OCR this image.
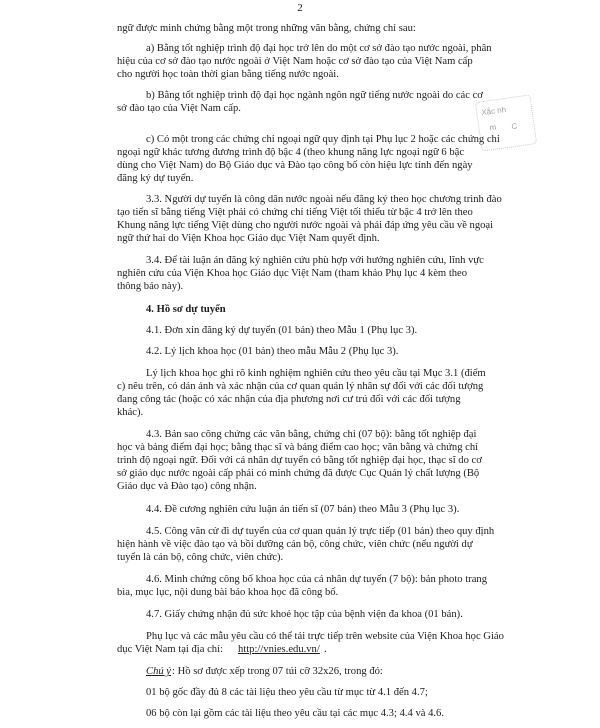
2
Xắc nh
m C
ngữ được minh chứng bằng một trong những văn bằng, chứng chỉ sau:
a) Bằng tốt nghiệp trình độ đại học trở lên do một cơ sở đào tạo nước ngoài, phân
hiệu của cơ sở đào tạo nước ngoài ở Việt Nam hoặc cơ sở đào tạo của Việt Nam cấp
cho người học toàn thời gian bằng tiếng nước ngoài.
b) Bằng tốt nghiệp trình độ đại học ngành ngôn ngữ tiếng nước ngoài do các cơ
sở đào tạo của Việt Nam cấp.
c) Có một trong các chứng chỉ ngoại ngữ quy định tại Phụ lục 2 hoặc các chứng chỉ
ngoại ngữ khác tương đương trình độ bậc 4 (theo khung năng lực ngoại ngữ 6 bậc
dùng cho Việt Nam) do Bộ Giáo dục và Đào tạo công bố còn hiệu lực tính đến ngày
đăng ký dự tuyển.
3.3. Người dự tuyển là công dân nước ngoài nếu đăng ký theo học chương trình đào
tạo tiến sĩ bằng tiếng Việt phải có chứng chỉ tiếng Việt tối thiểu từ bậc 4 trở lên theo
Khung năng lực tiếng Việt dùng cho người nước ngoài và phải đáp ứng yêu cầu về ngoại
ngữ thứ hai do Viện Khoa học Giáo dục Việt Nam quyết định.
3.4. Để tài luận án đăng ký nghiên cứu phù hợp với hướng nghiên cứu, lĩnh vực
nghiên cứu của Viện Khoa học Giáo dục Việt Nam (tham khảo Phụ lục 4 kèm theo
thông báo này).
4. Hồ sơ dự tuyển
4.1. Đơn xin đăng ký dự tuyển (01 bản) theo Mẫu 1 (Phụ lục 3).
4.2. Lý lịch khoa học (01 bản) theo mẫu Mẫu 2 (Phụ lục 3).
Lý lịch khoa học ghi rõ kinh nghiệm nghiên cứu theo yêu cầu tại Mục 3.1 (điểm
c) nêu trên, có dán ảnh và xác nhận của cơ quan quản lý nhân sự đối với các đối tượng
đang công tác (hoặc có xác nhận của địa phương nơi cư trú đối với các đối tượng
khác).
4.3. Bản sao công chứng các văn bằng, chứng chỉ (07 bộ): bằng tốt nghiệp đại
học và bảng điểm đại học; bằng thạc sĩ và bảng điểm cao học; văn bằng và chứng chỉ
trình độ ngoại ngữ. Đối với cá nhân dự tuyển có bằng tốt nghiệp đại học, thạc sĩ do cơ
sở giáo dục nước ngoài cấp phải có minh chứng đã được Cục Quản lý chất lượng (Bộ
Giáo dục và Đào tạo) công nhận.
4.4. Đề cương nghiên cứu luận án tiến sĩ (07 bản) theo Mẫu 3 (Phụ lục 3).
4.5. Công văn cử đi dự tuyển của cơ quan quản lý trực tiếp (01 bản) theo quy định
hiện hành về việc đào tạo và bồi dưỡng cán bộ, công chức, viên chức (nếu người dự
tuyển là cán bộ, công chức, viên chức).
4.6. Minh chứng công bố khoa học của cá nhân dự tuyển (7 bộ): bản photo trang
bìa, mục lục, nội dung bài báo khoa học đã công bố.
4.7. Giấy chứng nhận đủ sức khoẻ học tập của bệnh viện đa khoa (01 bản).
Phụ lục và các mẫu yêu cầu có thể tải trực tiếp trên website của Viện Khoa học Giáo
dục Việt Nam tại địa chỉ: http://vnies.edu.vn/ .
Chú ý : Hồ sơ được xếp trong 07 túi cỡ 32x26, trong đó:
01 bộ gốc đầy đủ 8 các tài liệu theo yêu cầu từ mục từ 4.1 đến 4.7;
06 bộ còn lại gồm các tài liệu theo yêu cầu tại các mục 4.3; 4.4 và 4.6.
